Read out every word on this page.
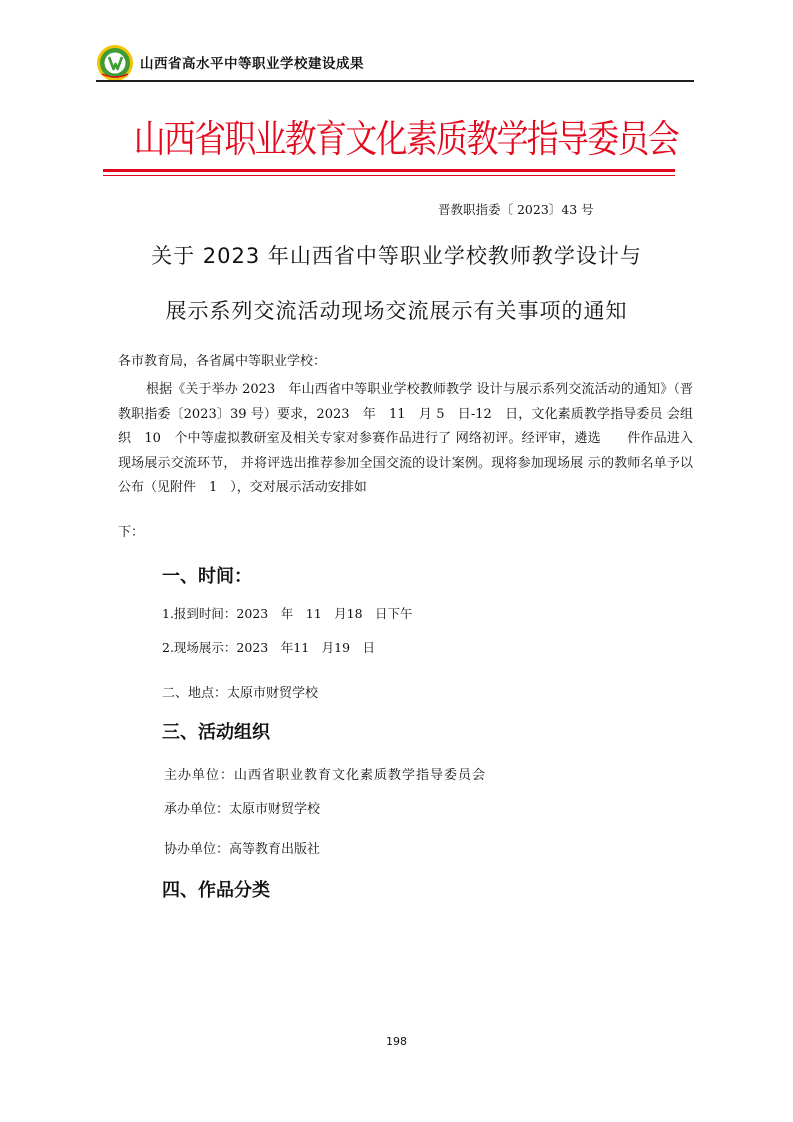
山西省高水平中等职业学校建设成果
山西省职业教育文化素质教学指导委员会
晋教职指委〔 2023〕43 号
关于 2023 年山西省中等职业学校教师教学设计与
展示系列交流活动现场交流展示有关事项的通知
各市教育局，各省属中等职业学校：
根据《关于举办 2023　年山西省中等职业学校教师教学 设计与展示系列交流活动的通知》（晋教职指委〔2023〕39 号）要求，2023　年　11　月 5　日-12　日，文化素质教学指导委员 会组织　10　个中等虚拟教研室及相关专家对参赛作品进行了 网络初评。经评审，遴选　　件作品进入现场展示交流环节， 并将评选出推荐参加全国交流的设计案例。现将参加现场展 示的教师名单予以公布（见附件　1　），交对展示活动安排如
下：
一、时间：
1.报到时间：2023　年　11　月18　日下午
2.现场展示：2023　年11　月19　日
二、地点：太原市财贸学校
三、活动组织
主办单位：山西省职业教育文化素质教学指导委员会
承办单位：太原市财贸学校
协办单位：高等教育出版社
四、作品分类
198
